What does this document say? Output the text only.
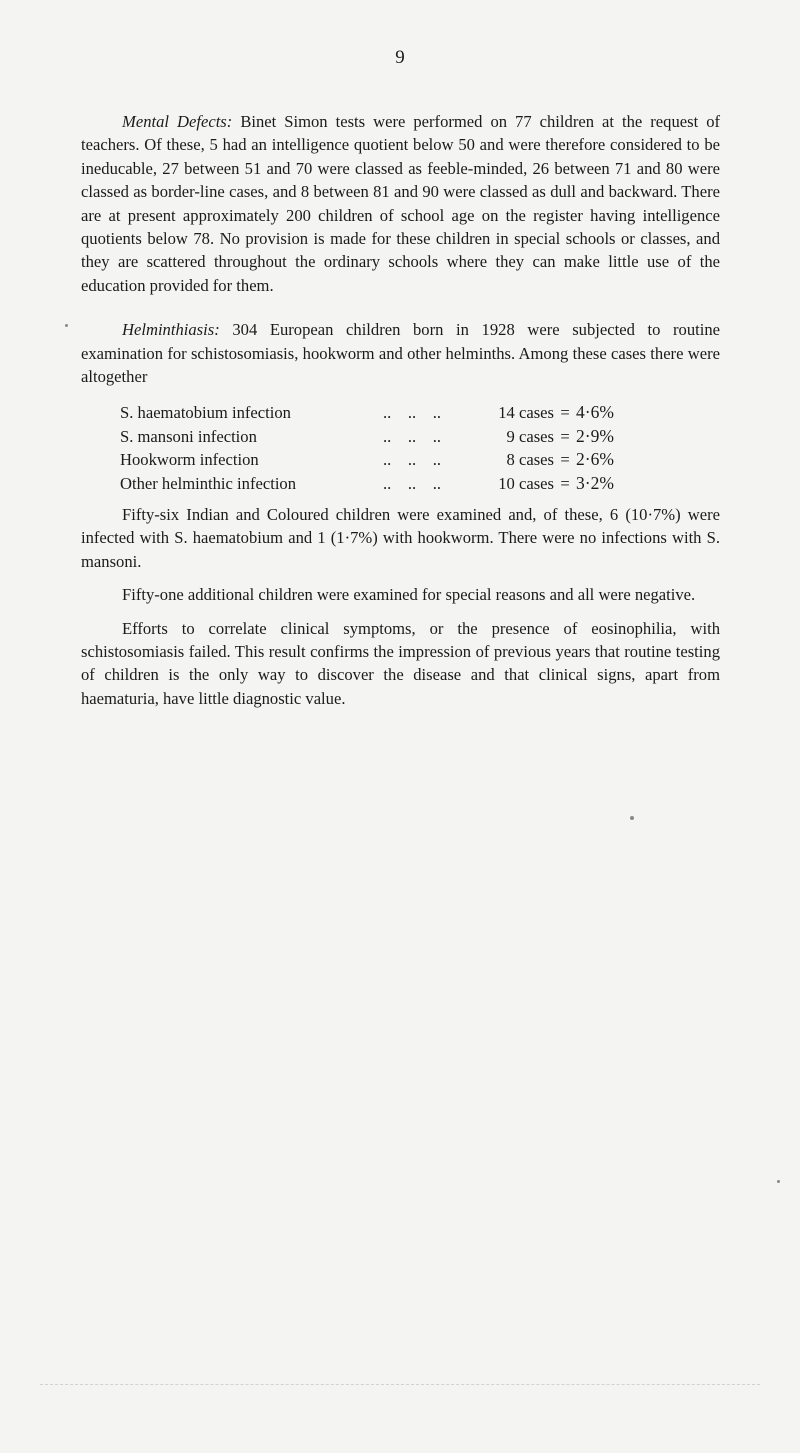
9

Mental Defects: Binet Simon tests were performed on 77 children at the request of teachers. Of these, 5 had an intelligence quotient below 50 and were therefore considered to be ineducable, 27 between 51 and 70 were classed as feeble-minded, 26 between 71 and 80 were classed as border-line cases, and 8 between 81 and 90 were classed as dull and backward. There are at present approximately 200 children of school age on the register having intelligence quotients below 78. No provision is made for these children in special schools or classes, and they are scattered throughout the ordinary schools where they can make little use of the education provided for them.

Helminthiasis: 304 European children born in 1928 were subjected to routine examination for schistosomiasis, hookworm and other helminths. Among these cases there were altogether

S. haematobium infection	..    ..    ..	14 cases = 4·6%
S. mansoni infection	..    ..    ..	9 cases = 2·9%
Hookworm infection	..    ..    ..	8 cases = 2·6%
Other helminthic infection	..    ..    ..	10 cases = 3·2%

Fifty-six Indian and Coloured children were examined and, of these, 6 (10·7%) were infected with S. haematobium and 1 (1·7%) with hookworm. There were no infections with S. mansoni.

Fifty-one additional children were examined for special reasons and all were negative.

Efforts to correlate clinical symptoms, or the presence of eosinophilia, with schistosomiasis failed. This result confirms the impression of previous years that routine testing of children is the only way to discover the disease and that clinical signs, apart from haematuria, have little diagnostic value.
